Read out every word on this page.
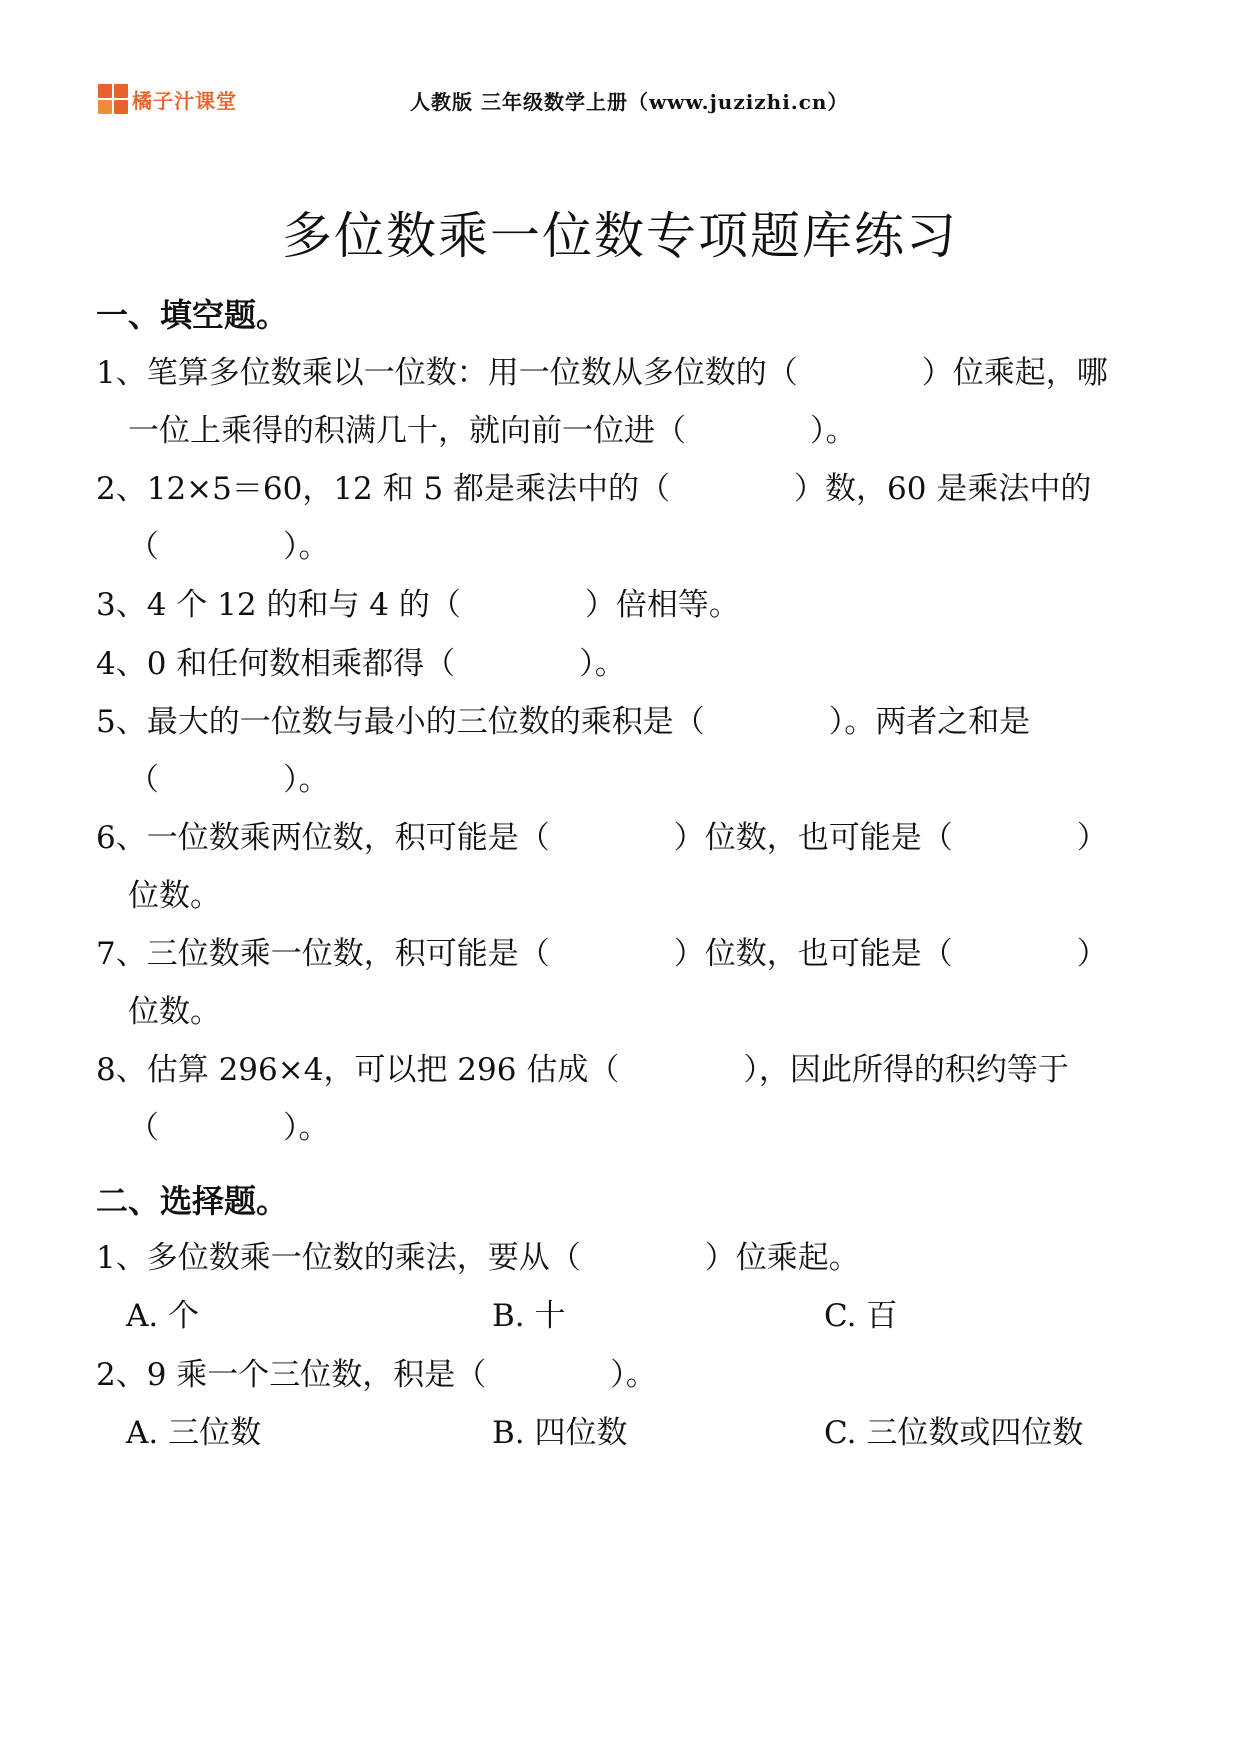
橘子汁课堂	人教版 三年级数学上册（www.juzizhi.cn）
多位数乘一位数专项题库练习
一、填空题。
1、笔算多位数乘以一位数：用一位数从多位数的（　　　　）位乘起，哪
一位上乘得的积满几十，就向前一位进（　　　　）。
2、12×5＝60，12 和 5 都是乘法中的（　　　　）数，60 是乘法中的
（　　　　）。
3、4 个 12 的和与 4 的（　　　　）倍相等。
4、0 和任何数相乘都得（　　　　）。
5、最大的一位数与最小的三位数的乘积是（　　　　）。两者之和是
（　　　　）。
6、一位数乘两位数，积可能是（　　　　）位数，也可能是（　　　　）
位数。
7、三位数乘一位数，积可能是（　　　　）位数，也可能是（　　　　）
位数。
8、估算 296×4，可以把 296 估成（　　　　），因此所得的积约等于
（　　　　）。
二、选择题。
1、多位数乘一位数的乘法，要从（　　　　）位乘起。
A. 个	B. 十	C. 百
2、9 乘一个三位数，积是（　　　　）。
A. 三位数	B. 四位数	C. 三位数或四位数
